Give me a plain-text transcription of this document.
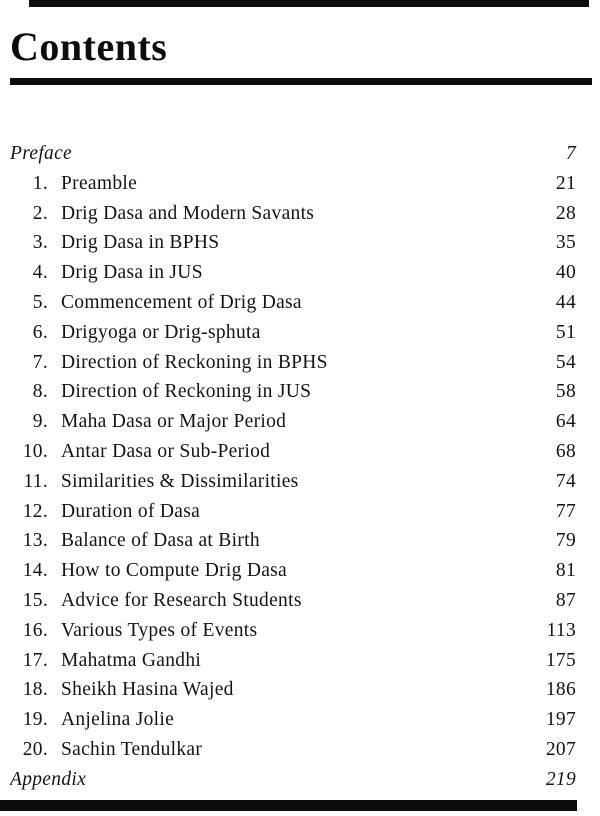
Contents
Preface	7
1. Preamble	21
2. Drig Dasa and Modern Savants	28
3. Drig Dasa in BPHS	35
4. Drig Dasa in JUS	40
5. Commencement of Drig Dasa	44
6. Drigyoga or Drig-sphuta	51
7. Direction of Reckoning in BPHS	54
8. Direction of Reckoning in JUS	58
9. Maha Dasa or Major Period	64
10. Antar Dasa or Sub-Period	68
11. Similarities & Dissimilarities	74
12. Duration of Dasa	77
13. Balance of Dasa at Birth	79
14. How to Compute Drig Dasa	81
15. Advice for Research Students	87
16. Various Types of Events	113
17. Mahatma Gandhi	175
18. Sheikh Hasina Wajed	186
19. Anjelina Jolie	197
20. Sachin Tendulkar	207
Appendix	219
